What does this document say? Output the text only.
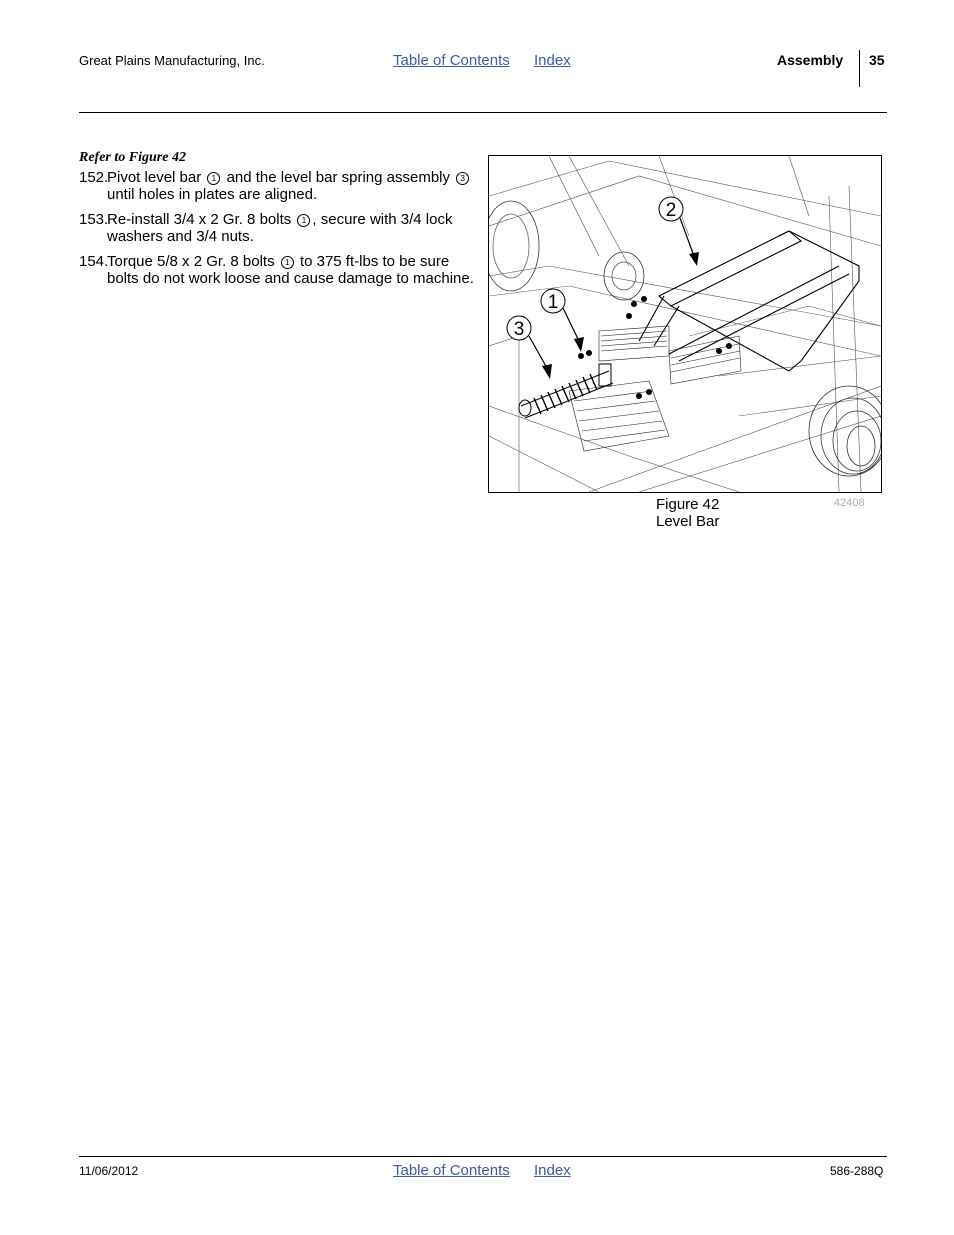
Great Plains Manufacturing, Inc.	Table of Contents Index	Assembly 35
Refer to Figure 42
152.
Pivot level bar 1 and the level bar spring assembly 3 until holes in plates are aligned.
153.
Re-install 3/4 x 2 Gr. 8 bolts 1 , secure with 3/4 lock washers and 3/4 nuts.
154.
Torque 5/8 x 2 Gr. 8 bolts 1 to 375 ft-lbs to be sure bolts do not work loose and cause damage to machine.
2
1
3
Figure 42
Level Bar
42408
11/06/2012	Table of Contents Index	586-288Q
